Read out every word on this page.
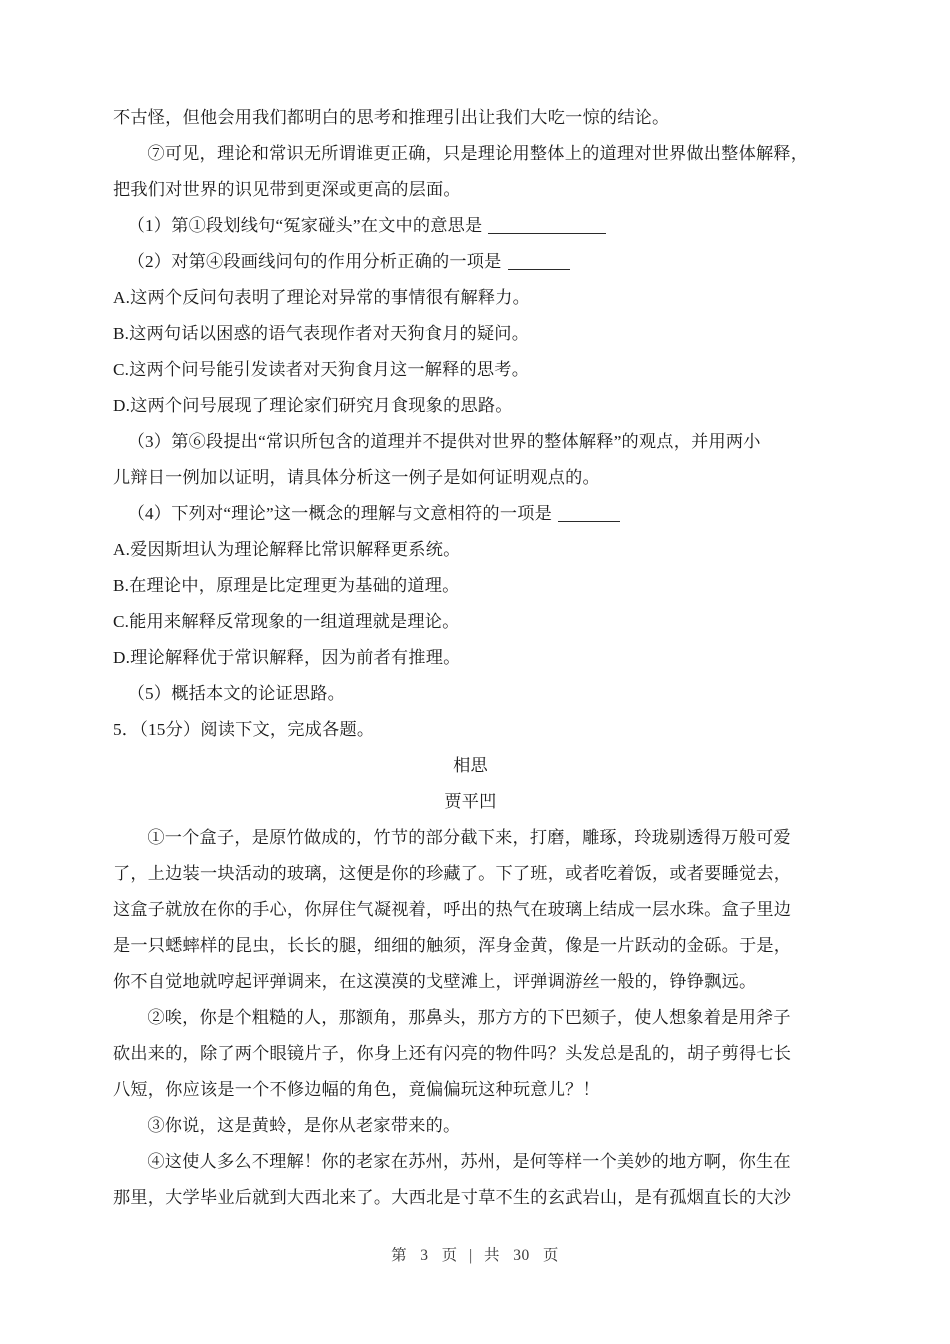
不古怪，但他会用我们都明白的思考和推理引出让我们大吃一惊的结论。
⑦可见，理论和常识无所谓谁更正确，只是理论用整体上的道理对世界做出整体解释，
把我们对世界的识见带到更深或更高的层面。
（1）第①段划线句“冤家碰头”在文中的意思是
（2）对第④段画线问句的作用分析正确的一项是
A.这两个反问句表明了理论对异常的事情很有解释力。
B.这两句话以困惑的语气表现作者对天狗食月的疑问。
C.这两个问号能引发读者对天狗食月这一解释的思考。
D.这两个问号展现了理论家们研究月食现象的思路。
（3）第⑥段提出“常识所包含的道理并不提供对世界的整体解释”的观点，并用两小
儿辩日一例加以证明，请具体分析这一例子是如何证明观点的。
（4）下列对“理论”这一概念的理解与文意相符的一项是
A.爱因斯坦认为理论解释比常识解释更系统。
B.在理论中，原理是比定理更为基础的道理。
C.能用来解释反常现象的一组道理就是理论。
D.理论解释优于常识解释，因为前者有推理。
（5）概括本文的论证思路。
5．（15分）阅读下文，完成各题。
相思
贾平凹
①一个盒子，是原竹做成的，竹节的部分截下来，打磨，雕琢，玲珑剔透得万般可爱
了，上边装一块活动的玻璃，这便是你的珍藏了。下了班，或者吃着饭，或者要睡觉去，
这盒子就放在你的手心，你屏住气凝视着，呼出的热气在玻璃上结成一层水珠。盒子里边
是一只蟋蟀样的昆虫，长长的腿，细细的触须，浑身金黄，像是一片跃动的金砾。于是，
你不自觉地就哼起评弹调来，在这漠漠的戈壁滩上，评弹调游丝一般的，铮铮飘远。
②唉，你是个粗糙的人，那额角，那鼻头，那方方的下巴颏子，使人想象着是用斧子
砍出来的，除了两个眼镜片子，你身上还有闪亮的物件吗？头发总是乱的，胡子剪得七长
八短，你应该是一个不修边幅的角色，竟偏偏玩这种玩意儿？！
③你说，这是黄蛉，是你从老家带来的。
④这使人多么不理解！你的老家在苏州，苏州，是何等样一个美妙的地方啊，你生在
那里，大学毕业后就到大西北来了。大西北是寸草不生的玄武岩山，是有孤烟直长的大沙
第 3 页 | 共 30 页
